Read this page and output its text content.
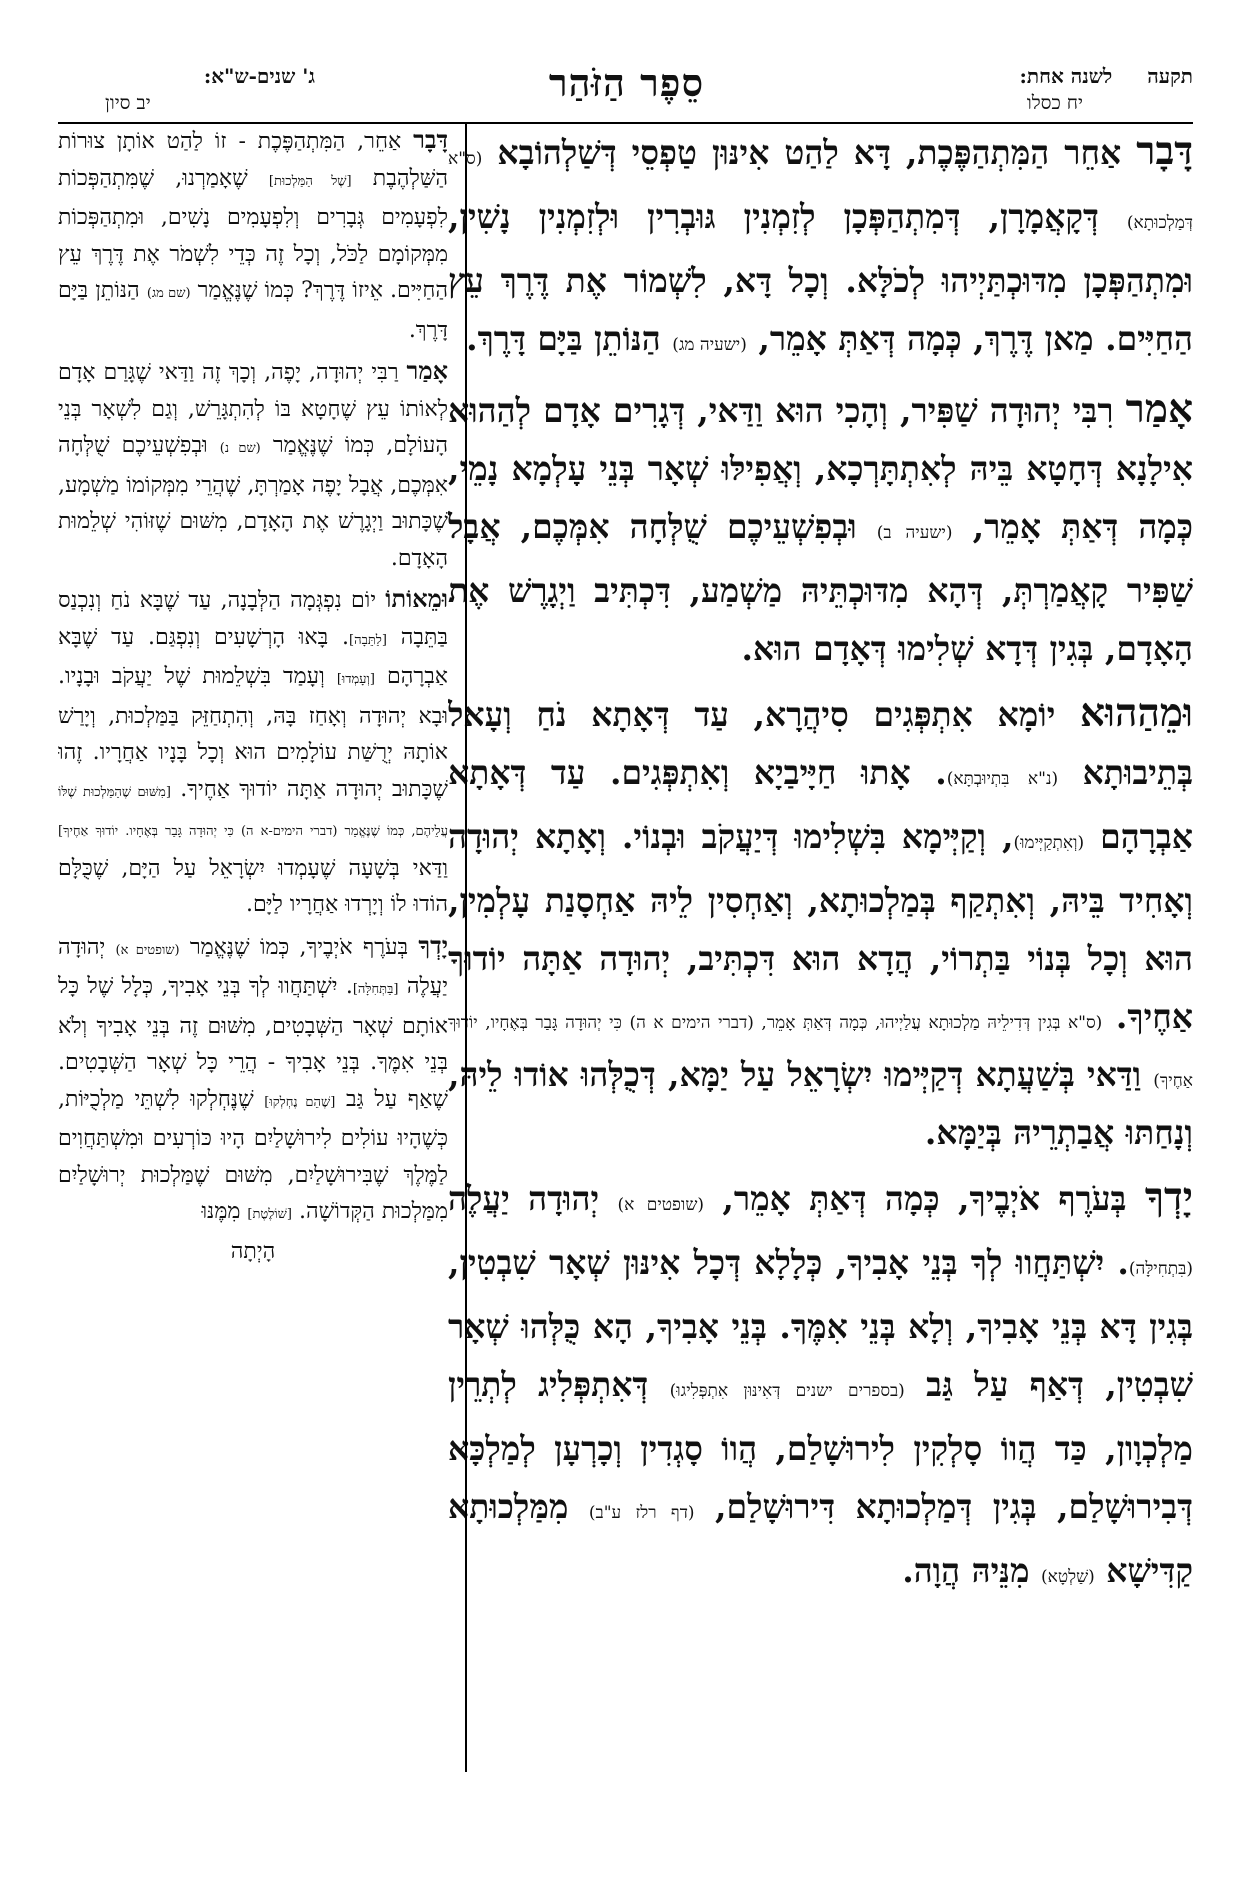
תקעה לשנה אחת:
יח כסלו
סֵפֶר הַזֹּהַר
ג' שנים-ש"א:
יב סיון

דָּבָר אַחֵר הַמִּתְהַפֶּכֶת, דָּא לַהַט אִינּוּן טַפְסֵי דְּשַׁלְהוֹבָא (ס"א דְּמַלְכוּתָא) דְּקָאֲמָרָן, דְּמִתְהַפְּכָן לְזִמְנִין גּוּבְרִין וּלְזִמְנִין נָשִׁין, וּמִתְהַפְּכָן מִדּוּכְתַּיְיהוּ לְכֹלָּא. וְכָל דָּא, לִשְׁמוֹר אֶת דֶּרֶךְ עֵץ הַחַיִּים. מַאן דֶּרֶךְ, כְּמָה דְּאַתְּ אָמֵר, (ישעיה מג) הַנּוֹתֵן בַּיָּם דָּרֶךְ.

אָמַר רִבִּי יְהוּדָה שַׁפִּיר, וְהָכִי הוּא וַדַּאי, דְּגָרִים אָדָם לְהַהוּא אִילָנָא דְּחָטָא בֵּיהּ לְאִתְתָּרְכָא, וְאֲפִילּוּ שְׁאָר בְּנֵי עָלְמָא נָמֵי, כְּמָה דְּאַתְּ אָמֵר, (ישעיה ב) וּבְפִשְׁעֵיכֶם שֻׁלְּחָה אִמְּכֶם, אֲבָל שַׁפִּיר קָאֲמַרְתְּ, דְּהָא מִדּוּכְתֵּיהּ מַשְׁמַע, דִּכְתִּיב וַיְגָרֶשׁ אֶת הָאָדָם, בְּגִין דְּדָא שְׁלִימוּ דְּאָדָם הוּא.

וּמֵהַהוּא יוֹמָא אִתְפְּגִים סִיהֲרָא, עַד דְּאָתָא נֹחַ וְעָאל בְּתֵיבוּתָא (נ"א בִּתְיוּבְתָּא). אָתוּ חַיָּיבַיָא וְאִתְפְּגִים. עַד דְּאָתָא אַבְרָהָם (וְאִתְקַיְּימוּ), וְקַיְּימָא בִּשְׁלִימוּ דְּיַעֲקֹב וּבְנוֹי. וְאָתָא יְהוּדָה וְאָחִיד בֵּיהּ, וְאִתְקַף בְּמַלְכוּתָא, וְאַחְסִין לֵיהּ אַחְסָנַת עָלְמִין, הוּא וְכָל בְּנוֹי בַּתְרוֹי, הֲדָא הוּא דִּכְתִּיב, יְהוּדָה אַתָּה יוֹדוּךָ אַחֶיךָ. (ס"א בְּגִין דְּדִילֵיהּ מַלְכוּתָא עֲלַיְיהוּ, כְּמָה דְּאַתְּ אָמֵר, (דברי הימים א ה) כִּי יְהוּדָה גָּבַר בְּאֶחָיו, יוֹדוּךָ אַחֶיךָ) וַדַּאי בְּשַׁעֲתָא דְּקַיְּימוּ יִשְׂרָאֵל עַל יַמָּא, דְּכֻלְּהוּ אוֹדוּ לֵיהּ, וְנָחַתּוּ אֲבַתְרֵיהּ בְּיַמָּא.

יָדְךָ בְּעֹרֶף אֹיְבֶיךָ, כְּמָה דְּאַתְּ אָמֵר, (שופטים א) יְהוּדָה יַעֲלֶה (בִּתְחִילָּה). יִשְׁתַּחֲווּ לְךָ בְּנֵי אָבִיךָ, כְּלָלָא דְּכָל אִינּוּן שְׁאָר שִׁבְטִין, בְּגִין דָּא בְּנֵי אָבִיךָ, וְלָא בְּנֵי אִמֶּךָ. בְּנֵי אָבִיךָ, הָא כֻּלְּהוּ שְׁאָר שִׁבְטִין, דְּאַף עַל גַּב (בספרים ישנים דְּאִינּוּן אִתְפְּלִיגוּ) דְּאִתְפְּלִיג לְתְרֵין מַלְכְוָון, כַּד הֲווֹ סָלְקִין לִירוּשָׁלַם, הֲווֹ סָגְדִין וְכָרְעָן לְמַלְכָּא דְּבִירוּשָׁלַם, בְּגִין דְּמַלְכוּתָא דִּירוּשָׁלַם, (דף רלז ע"ב) מִמַּלְכוּתָא קַדִּישָׁא (שַׁלְטָא) מִנֵּיהּ הֲוָה.

דָּבָר אַחֵר, הַמִּתְהַפֶּכֶת - זוֹ לַהַט אוֹתָן צוּרוֹת הַשַּׁלְהֶבֶת [שֶׁל הַמַּלְכוּת] שֶׁאָמַרְנוּ, שֶׁמִּתְהַפְּכוֹת לִפְעָמִים גְּבָרִים וְלִפְעָמִים נָשִׁים, וּמִתְהַפְּכוֹת מִמְּקוֹמָם לַכֹּל, וְכָל זֶה כְּדֵי לִשְׁמֹר אֶת דֶּרֶךְ עֵץ הַחַיִּים. אֵיזוֹ דֶּרֶךְ? כְּמוֹ שֶׁנֶּאֱמַר (שם מג) הַנּוֹתֵן בַּיָּם דָּרֶךְ.

אָמַר רַבִּי יְהוּדָה, יָפֶה, וְכָךְ זֶה וַדַּאי שֶׁגָּרַם אָדָם לְאוֹתוֹ עֵץ שֶׁחָטָא בּוֹ לְהִתְגָּרֵשׁ, וְגַם לִשְׁאָר בְּנֵי הָעוֹלָם, כְּמוֹ שֶׁנֶּאֱמַר (שם נ) וּבְפִשְׁעֵיכֶם שֻׁלְּחָה אִמְּכֶם, אֲבָל יָפֶה אָמַרְתָּ, שֶׁהֲרֵי מִמְּקוֹמוֹ מַשְׁמָע, שֶׁכָּתוּב וַיְגָרֶשׁ אֶת הָאָדָם, מִשּׁוּם שֶׁזּוֹהִי שְׁלֵמוּת הָאָדָם.

וּמֵאוֹתוֹ יוֹם נִפְגְּמָה הַלְּבָנָה, עַד שֶׁבָּא נֹחַ וְנִכְנַס בַּתֵּבָה [לַתֵּבָה]. בָּאוּ הָרְשָׁעִים וְנִפְגַּם. עַד שֶׁבָּא אַבְרָהָם [וְעָמְדוּ] וְעָמַד בִּשְׁלֵמוּת שֶׁל יַעֲקֹב וּבָנָיו. וּבָא יְהוּדָה וְאָחַז בָּהּ, וְהִתְחַזֵּק בַּמַּלְכוּת, וְיָרַשׁ אוֹתָהּ יְרֻשַּׁת עוֹלָמִים הוּא וְכָל בָּנָיו אַחֲרָיו. זֶהוּ שֶׁכָּתוּב יְהוּדָה אַתָּה יוֹדוּךָ אַחֶיךָ. [מִשּׁוּם שֶׁהַמַּלְכוּת שֶׁלּוֹ עֲלֵיהֶם, כְּמוֹ שֶׁנֶּאֱמַר (דברי הימים-א ה) כִּי יְהוּדָה גָּבַר בְּאֶחָיו. יוֹדוּךָ אַחֶיךָ] וַדַּאי בְּשָׁעָה שֶׁעָמְדוּ יִשְׂרָאֵל עַל הַיָּם, שֶׁכֻּלָּם הוֹדוּ לוֹ וְיָרְדוּ אַחֲרָיו לַיָּם.

יָדְךָ בְּעֹרֶף אֹיְבֶיךָ, כְּמוֹ שֶׁנֶּאֱמַר (שופטים א) יְהוּדָה יַעֲלֶה [בַּתְּחִלָּה]. יִשְׁתַּחֲווּ לְךָ בְּנֵי אָבִיךָ, כְּלָל שֶׁל כָּל אוֹתָם שְׁאָר הַשְּׁבָטִים, מִשּׁוּם זֶה בְּנֵי אָבִיךָ וְלֹא בְּנֵי אִמֶּךָ. בְּנֵי אָבִיךָ - הֲרֵי כָּל שְׁאָר הַשְּׁבָטִים. שֶׁאַף עַל גַּב [שֶׁהֵם נֶחְלְקוּ] שֶׁנֶּחְלְקוּ לִשְׁתֵּי מַלְכֻיּוֹת, כְּשֶׁהָיוּ עוֹלִים לִירוּשָׁלַיִם הָיוּ כּוֹרְעִים וּמִשְׁתַּחֲוִים לַמֶּלֶךְ שֶׁבִּירוּשָׁלַיִם, מִשּׁוּם שֶׁמַּלְכוּת יְרוּשָׁלַיִם מִמַּלְכוּת הַקְּדוֹשָׁה. [שׁוֹלֶטֶת] מִמֶּנּוּ
הָיְתָה
